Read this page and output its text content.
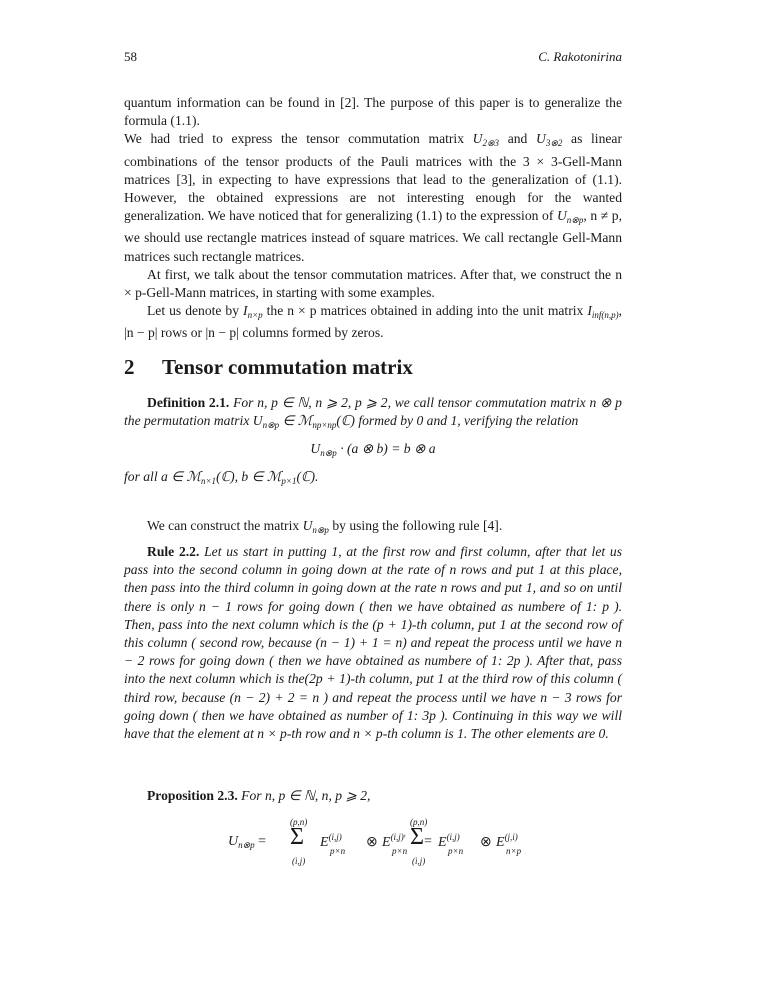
58	C. Rakotonirina

quantum information can be found in [2]. The purpose of this paper is to generalize the formula (1.1).

We had tried to express the tensor commutation matrix $U_{2\otimes 3}$ and $U_{3\otimes 2}$ as linear combinations of the tensor products of the Pauli matrices with the 3 × 3-Gell-Mann matrices [3], in expecting to have expressions that lead to the generalization of (1.1). However, the obtained expressions are not interesting enough for the wanted generalization. We have noticed that for generalizing (1.1) to the expression of $U_{n\otimes p}$, n ≠ p, we should use rectangle matrices instead of square matrices. We call rectangle Gell-Mann matrices such rectangle matrices.

At first, we talk about the tensor commutation matrices. After that, we construct the n × p-Gell-Mann matrices, in starting with some examples.

Let us denote by $I_{n\times p}$ the n × p matrices obtained in adding into the unit matrix $I_{inf(n,p)}$, |n − p| rows or |n − p| columns formed by zeros.

2 Tensor commutation matrix

Definition 2.1. For n, p ∈ ℕ, n ⩾ 2, p ⩾ 2, we call tensor commutation matrix n ⊗ p the permutation matrix $U_{n\otimes p}$ ∈ ℳ$_{np\times np}$(ℂ) formed by 0 and 1, verifying the relation

$U_{n\otimes p} \cdot (a$ ⊗ b) = b ⊗ a

for all a ∈ ℳ$_{n\times 1}$(ℂ), b ∈ ℳ$_{p\times 1}$(ℂ).

We can construct the matrix $U_{n\otimes p}$ by using the following rule [4].

Rule 2.2. Let us start in putting 1, at the first row and first column, after that let us pass into the second column in going down at the rate of n rows and put 1 at this place, then pass into the third column in going down at the rate n rows and put 1, and so on until there is only n − 1 rows for going down ( then we have obtained as numbere of 1: p ). Then, pass into the next column which is the (p + 1)-th column, put 1 at the second row of this column ( second row, because (n − 1) + 1 = n) and repeat the process until we have n − 2 rows for going down ( then we have obtained as numbere of 1: 2p ). After that, pass into the next column which is the(2p + 1)-th column, put 1 at the third row of this column ( third row, because (n − 2) + 2 = n ) and repeat the process until we have n − 3 rows for going down ( then we have obtained as number of 1: 3p ). Continuing in this way we will have that the element at n × p-th row and n × p-th column is 1. The other elements are 0.

Proposition 2.3. For n, p ∈ ℕ, n, p ⩾ 2,

$U_{n\otimes p} = \Sigma$
(p,n)
(i,j)
E$^{(i,j)}$
p×n
⊗ $E^{(i,j)ᵗ}$
p×n
=
Σ
(p,n)
(i,j)
E$^{(i,j)}$
p×n
⊗ E$^{(j,i)}$
n×p
